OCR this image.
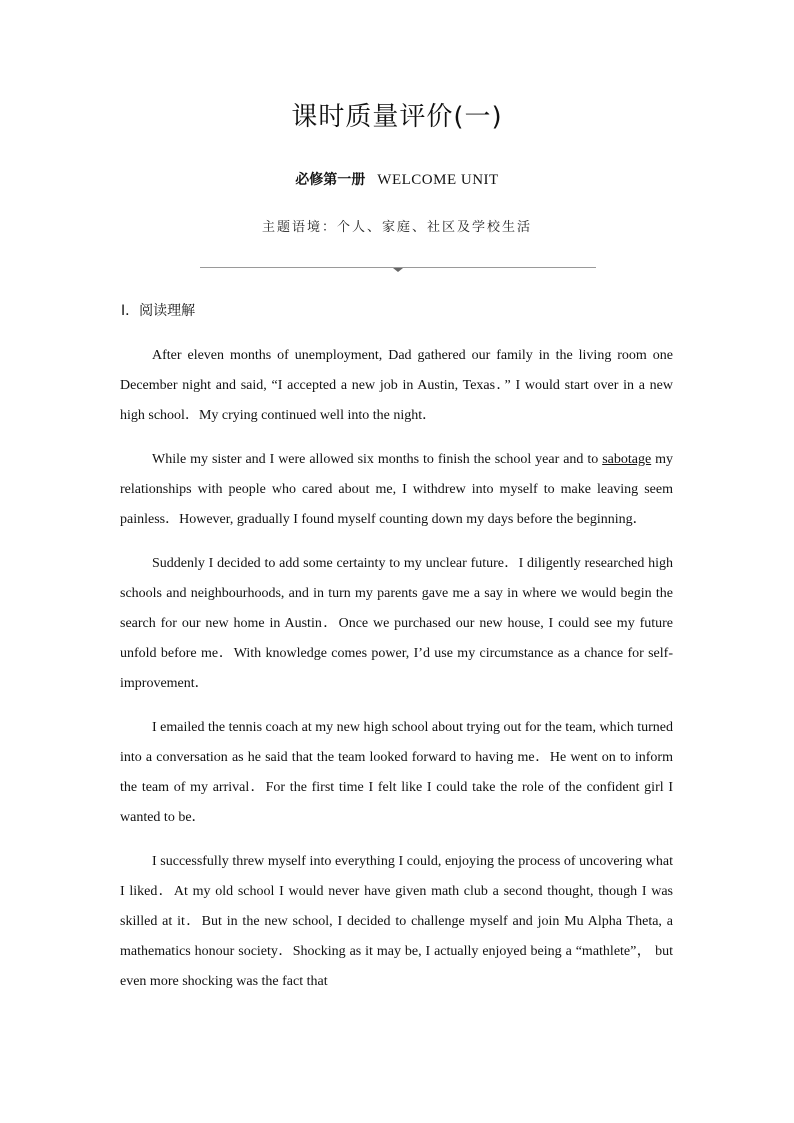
课时质量评价(一)
必修第一册 WELCOME UNIT
主题语境：个人、家庭、社区及学校生活
Ⅰ．阅读理解

After eleven months of unemployment, Dad gathered our family in the living room one December night and said, “I accepted a new job in Austin, Texas．” I would start over in a new high school．My crying continued well into the night．

While my sister and I were allowed six months to finish the school year and to sabotage my relationships with people who cared about me, I withdrew into myself to make leaving seem painless．However, gradually I found myself counting down my days before the beginning．

Suddenly I decided to add some certainty to my unclear future．I diligently researched high schools and neighbourhoods, and in turn my parents gave me a say in where we would begin the search for our new home in Austin．Once we purchased our new house, I could see my future unfold before me．With knowledge comes power, I’d use my circumstance as a chance for self-improvement．

I emailed the tennis coach at my new high school about trying out for the team, which turned into a conversation as he said that the team looked forward to having me．He went on to inform the team of my arrival．For the first time I felt like I could take the role of the confident girl I wanted to be．

I successfully threw myself into everything I could, enjoying the process of uncovering what I liked．At my old school I would never have given math club a second thought, though I was skilled at it．But in the new school, I decided to challenge myself and join Mu Alpha Theta, a mathematics honour society．Shocking as it may be, I actually enjoyed being a “mathlete”， but even more shocking was the fact that
